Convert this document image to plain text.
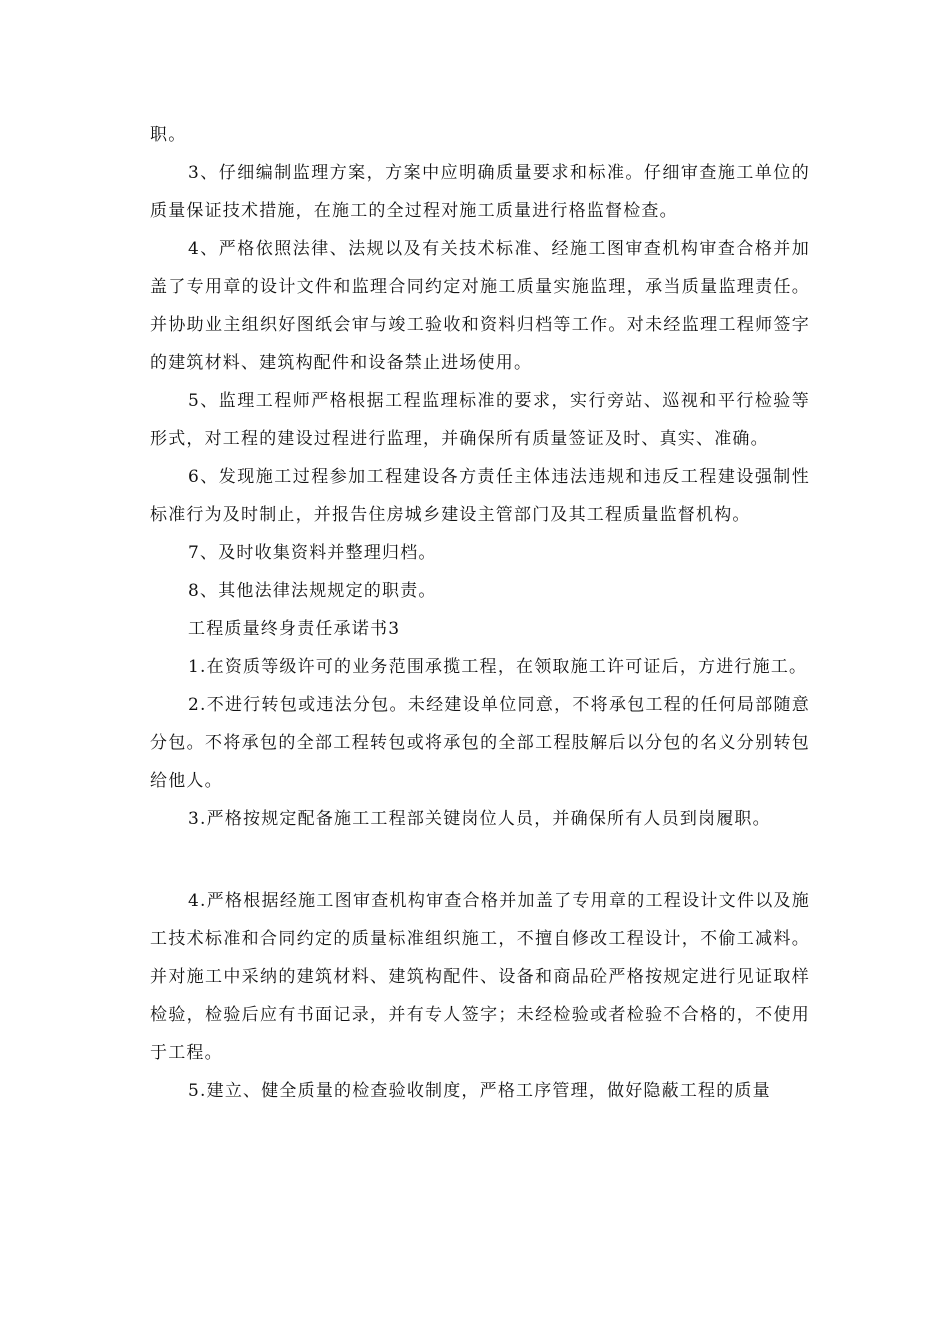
职。

3、仔细编制监理方案，方案中应明确质量要求和标准。仔细审查施工单位的质量保证技术措施，在施工的全过程对施工质量进行格监督检查。

4、严格依照法律、法规以及有关技术标准、经施工图审查机构审查合格并加盖了专用章的设计文件和监理合同约定对施工质量实施监理，承当质量监理责任。并协助业主组织好图纸会审与竣工验收和资料归档等工作。对未经监理工程师签字的建筑材料、建筑构配件和设备禁止进场使用。

5、监理工程师严格根据工程监理标准的要求，实行旁站、巡视和平行检验等形式，对工程的建设过程进行监理，并确保所有质量签证及时、真实、准确。

6、发现施工过程参加工程建设各方责任主体违法违规和违反工程建设强制性标准行为及时制止，并报告住房城乡建设主管部门及其工程质量监督机构。

7、及时收集资料并整理归档。

8、其他法律法规规定的职责。

工程质量终身责任承诺书3

1.在资质等级许可的业务范围承揽工程，在领取施工许可证后，方进行施工。

2.不进行转包或违法分包。未经建设单位同意，不将承包工程的任何局部随意分包。不将承包的全部工程转包或将承包的全部工程肢解后以分包的名义分别转包给他人。

3.严格按规定配备施工工程部关键岗位人员，并确保所有人员到岗履职。

4.严格根据经施工图审查机构审查合格并加盖了专用章的工程设计文件以及施工技术标准和合同约定的质量标准组织施工，不擅自修改工程设计，不偷工减料。并对施工中采纳的建筑材料、建筑构配件、设备和商品砼严格按规定进行见证取样检验，检验后应有书面记录，并有专人签字；未经检验或者检验不合格的，不使用于工程。

5.建立、健全质量的检查验收制度，严格工序管理，做好隐蔽工程的质量
